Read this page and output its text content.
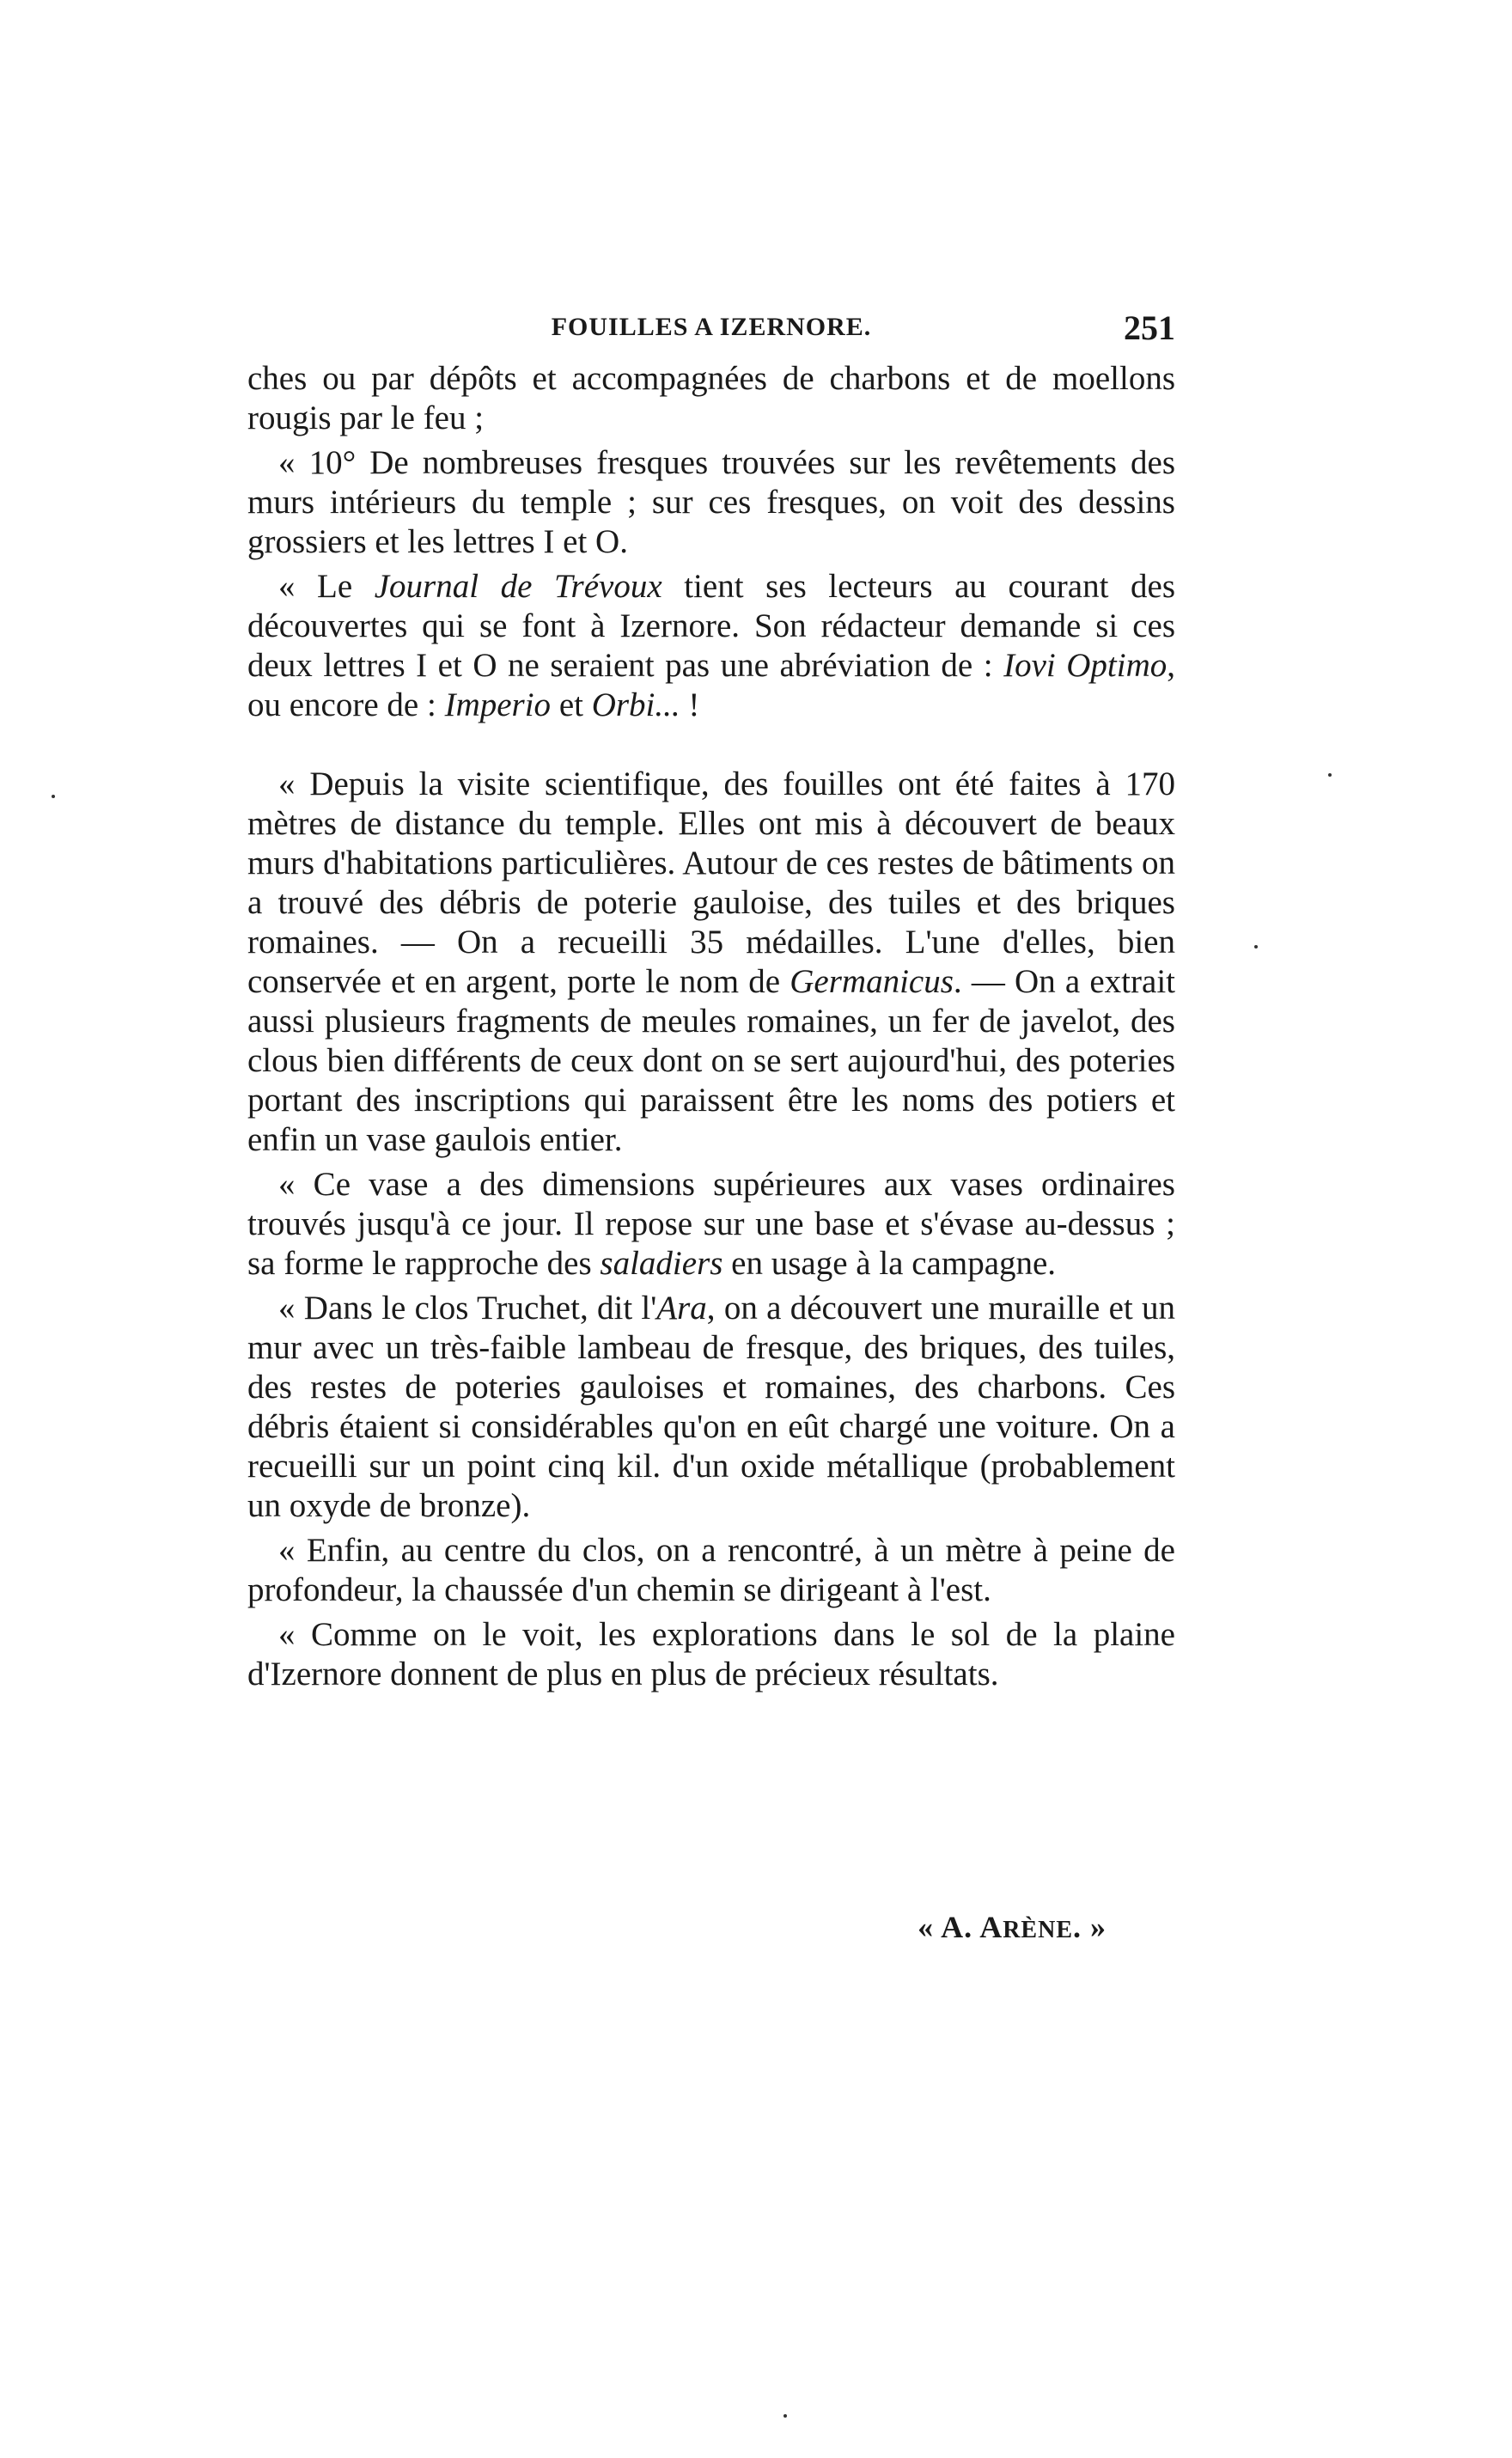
FOUILLES A IZERNORE.	251

ches ou par dépôts et accompagnées de charbons et de moellons rougis par le feu ;

« 10° De nombreuses fresques trouvées sur les revêtements des murs intérieurs du temple ; sur ces fresques, on voit des dessins grossiers et les lettres I et O.

« Le Journal de Trévoux tient ses lecteurs au courant des découvertes qui se font à Izernore. Son rédacteur demande si ces deux lettres I et O ne seraient pas une abréviation de : Iovi Optimo, ou encore de : Imperio et Orbi... !

« Depuis la visite scientifique, des fouilles ont été faites à 170 mètres de distance du temple. Elles ont mis à découvert de beaux murs d'habitations particulières. Autour de ces restes de bâtiments on a trouvé des débris de poterie gauloise, des tuiles et des briques romaines. — On a recueilli 35 médailles. L'une d'elles, bien conservée et en argent, porte le nom de Germanicus. — On a extrait aussi plusieurs fragments de meules romaines, un fer de javelot, des clous bien différents de ceux dont on se sert aujourd'hui, des poteries portant des inscriptions qui paraissent être les noms des potiers et enfin un vase gaulois entier.

« Ce vase a des dimensions supérieures aux vases ordinaires trouvés jusqu'à ce jour. Il repose sur une base et s'évase au-dessus ; sa forme le rapproche des saladiers en usage à la campagne.

« Dans le clos Truchet, dit l'Ara, on a découvert une muraille et un mur avec un très-faible lambeau de fresque, des briques, des tuiles, des restes de poteries gauloises et romaines, des charbons. Ces débris étaient si considérables qu'on en eût chargé une voiture. On a recueilli sur un point cinq kil. d'un oxide métallique (probablement un oxyde de bronze).

« Enfin, au centre du clos, on a rencontré, à un mètre à peine de profondeur, la chaussée d'un chemin se dirigeant à l'est.

« Comme on le voit, les explorations dans le sol de la plaine d'Izernore donnent de plus en plus de précieux résultats.

« A. ARÈNE. »
